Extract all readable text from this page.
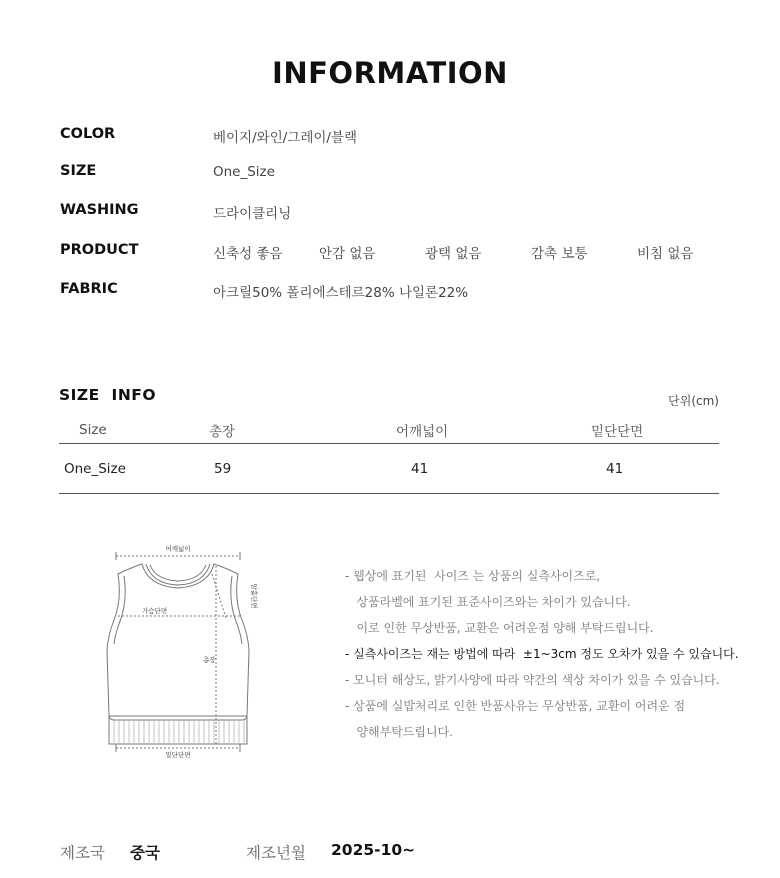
INFORMATION
COLOR	베이지/와인/그레이/블랙
SIZE	One_Size
WASHING	드라이클리닝
PRODUCT	신축성 좋음	안감 없음	광택 없음	감촉 보통	비침 없음
FABRIC	아크릴50% 폴리에스테르28% 나일론22%
SIZE  INFO	단위(cm)
Size	총장	어깨넓이	밑단단면
One_Size	59	41	41
어깨넓이
가슴단면
암홀단면
총장
밑단단면
- 웹상에 표기된  사이즈 는 상품의 실측사이즈로,
상품라벨에 표기된 표준사이즈와는 차이가 있습니다.
이로 인한 무상반품, 교환은 어려운점 양해 부탁드립니다.
- 실측사이즈는 재는 방법에 따라  ±1~3cm 정도 오차가 있을 수 있습니다.
- 모니터 해상도, 밝기사양에 따라 약간의 색상 차이가 있을 수 있습니다.
- 상품에 실밥처리로 인한 반품사유는 무상반품, 교환이 어려운 점
양해부탁드립니다.
제조국 중국	제조년월 2025-10~
